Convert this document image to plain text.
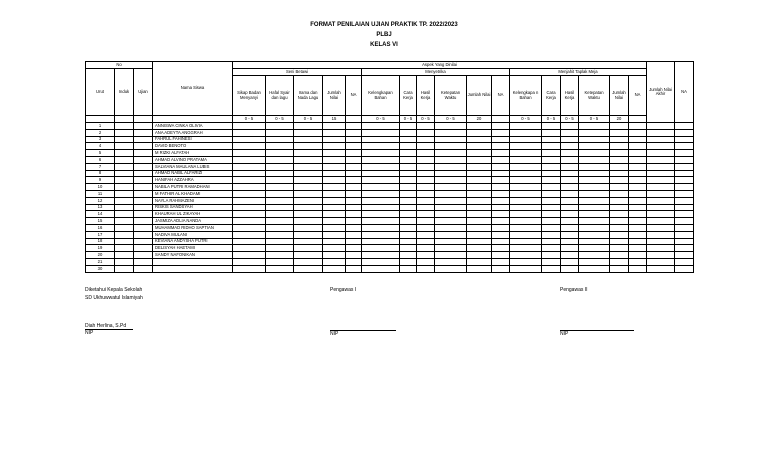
FORMAT PENILAIAN UJIAN PRAKTIK TP. 2022/2023
PLBJ
KELAS VI
No			Nama Siswa	Aspek Yang Dinilai																	Jumlah Nilai Akhir	NA
Urut	Induk	Ujian		Seni Betawi					Menyetrika						Menjahit Taplak Meja							
				Sikap Badan Menyanyi	Hafal Syair dan lagu	Irama dan Nada Lagu	Jumlah Nilai	NA	Kelengkapan Bahan	Cara Kerja	Hasil Kerja	Ketepatan Waktu	Jumlah Nilai	NA	Kelengkapa n Bahan	Cara Kerja	Hasil Kerja	Ketepatan Waktu	Jumlah Nilai	NA		
				0 - 5	0 - 5	0 - 5	15		0 - 5	0 - 5	0 - 5	0 - 5	20		0 - 5	0 - 5	0 - 5	0 - 5	20			
1			ANNISWA CINKA OLIVIA																			
2			ANA ADEYTA ANGGRAH																			
3			FAHRUL FAHINESI																			
4			DAVID BENOTO																			
5			M RIZKI ALFATAH																			
6			AHMAD ALVINO PRATAMA																			
7			SALVIANA MAULANA LUBIS																			
8			AHMAD NABIL ALFARIZI																			
9			HANIFAH AZZAHRA																			
10			NABILA PUTRI RAMADHANI																			
11			M FATHIR AL KHADAMI																			
12			NAYLA RAHMAZENI																			
13			RISKIS SANDSYAH																			
14			KHAURAH UL ZIKAYAH																			
15			JASMIZA ADLIA NANDA																			
16			MUHAMMAD RIDHO SAPTIAN																			
17			NADIVA MULANI																			
18			KEVIANA ANDYSHA PUTRI																			
19			DELISYAH HAETAMI																			
20			SANDY NAFONIKAN																			
21																						
30																						
Diketahui Kepala Sekolah
SD Ukhuwwatul Islamiyah
Diah Herlina, S.Pd
NIP
Pengawas I
NIP
Pengawas II
NIP
